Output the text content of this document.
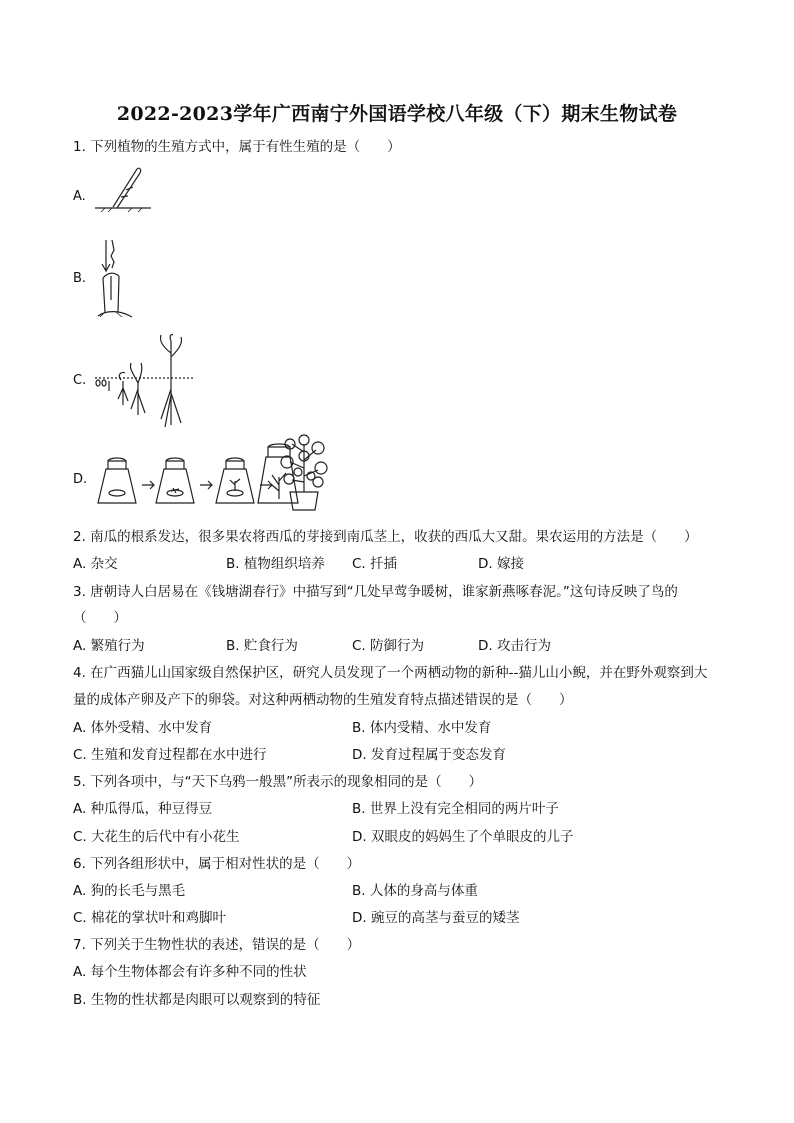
2022-2023学年广西南宁外国语学校八年级（下）期末生物试卷
1. 下列植物的生殖方式中，属于有性生殖的是（　　）
A.
B.
C.
D.
2. 南瓜的根系发达，很多果农将西瓜的芽接到南瓜茎上，收获的西瓜大又甜。果农运用的方法是（　　）
A. 杂交	B. 植物组织培养 C. 扦插	D. 嫁接
3. 唐朝诗人白居易在《钱塘湖春行》中描写到“几处早莺争暖树，谁家新燕啄春泥。”这句诗反映了鸟的
（　　）
A. 繁殖行为	B. 贮食行为	C. 防御行为	D. 攻击行为
4. 在广西猫儿山国家级自然保护区，研究人员发现了一个两栖动物的新种--猫儿山小鲵，并在野外观察到大
量的成体产卵及产下的卵袋。对这种两栖动物的生殖发育特点描述错误的是（　　）
A. 体外受精、水中发育	B. 体内受精、水中发育
C. 生殖和发育过程都在水中进行	D. 发育过程属于变态发育
5. 下列各项中，与“天下乌鸦一般黑”所表示的现象相同的是（　　）
A. 种瓜得瓜，种豆得豆	B. 世界上没有完全相同的两片叶子
C. 大花生的后代中有小花生	D. 双眼皮的妈妈生了个单眼皮的儿子
6. 下列各组形状中，属于相对性状的是（　　）
A. 狗的长毛与黑毛	B. 人体的身高与体重
C. 棉花的掌状叶和鸡脚叶	D. 豌豆的高茎与蚕豆的矮茎
7. 下列关于生物性状的表述，错误的是（　　）
A. 每个生物体都会有许多种不同的性状
B. 生物的性状都是肉眼可以观察到的特征
